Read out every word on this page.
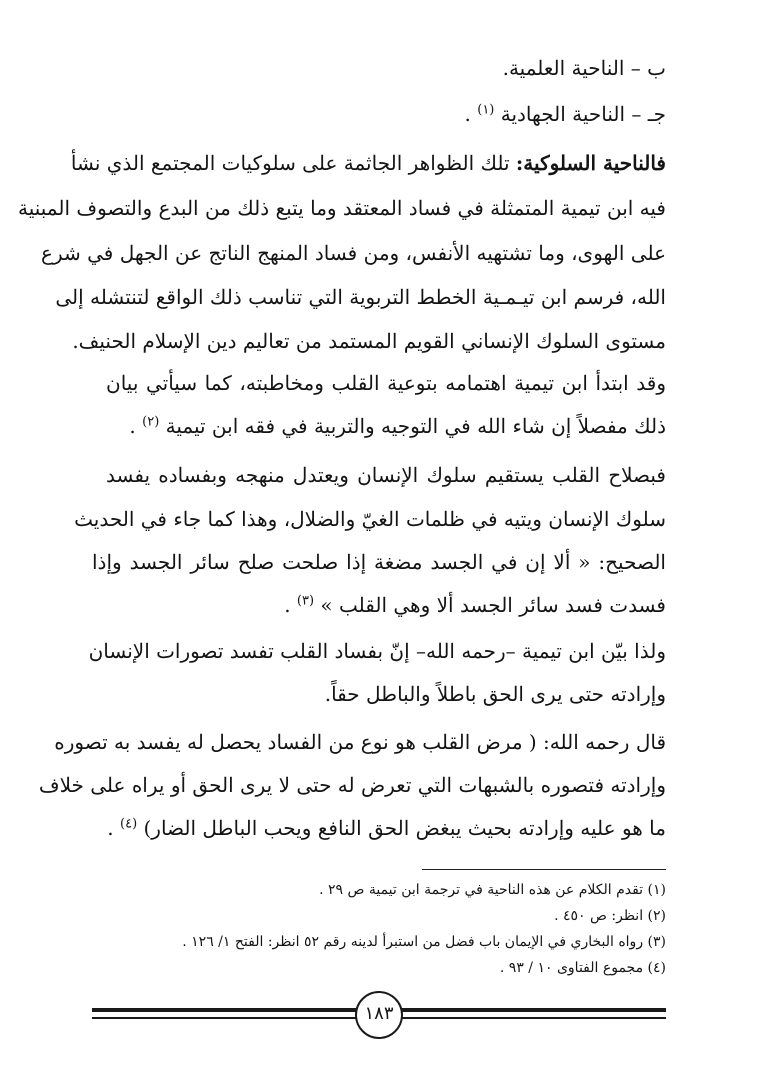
ب – الناحية العلمية.
جـ – الناحية الجهادية $^{(١)}$ .
فالناحية السلوكية: تلك الظواهر الجاثمة على سلوكيات المجتمع الذي نشأ
فيه ابن تيمية المتمثلة في فساد المعتقد وما يتبع ذلك من البدع والتصوف المبنية
على الهوى، وما تشتهيه الأنفس، ومن فساد المنهج الناتج عن الجهل في شرع
الله، فرسم ابن تيـمـية الخطط التربوية التي تناسب ذلك الواقع لتنتشله إلى
مستوى السلوك الإنساني القويم المستمد من تعاليم دين الإسلام الحنيف.
وقد ابتدأ ابن تيمية اهتمامه بتوعية القلب ومخاطبته، كما سيأتي بيان
ذلك مفصلاً إن شاء الله في التوجيه والتربية في فقه ابن تيمية $^{(٢)}$ .
فبصلاح القلب يستقيم سلوك الإنسان ويعتدل منهجه وبفساده يفسد
سلوك الإنسان ويتيه في ظلمات الغيّ والضلال، وهذا كما جاء في الحديث
الصحيح: « ألا إن في الجسد مضغة إذا صلحت صلح سائر الجسد وإذا
فسدت فسد سائر الجسد ألا وهي القلب » $^{(٣)}$ .
ولذا بيّن ابن تيمية –رحمه الله– إنّ بفساد القلب تفسد تصورات الإنسان
وإرادته حتى يرى الحق باطلاً والباطل حقاً.
قال رحمه الله: ( مرض القلب هو نوع من الفساد يحصل له يفسد به تصوره
وإرادته فتصوره بالشبهات التي تعرض له حتى لا يرى الحق أو يراه على خلاف
ما هو عليه وإرادته بحيث يبغض الحق النافع ويحب الباطل الضار) $^{(٤)}$ .
(١) تقدم الكلام عن هذه الناحية في ترجمة ابن تيمية ص ٢٩ .
(٢) انظر: ص ٤٥٠ .
(٣) رواه البخاري في الإيمان باب فضل من استبرأ لدينه رقم ٥٢ انظر: الفتح ١/ ١٢٦ .
(٤) مجموع الفتاوى ١٠ / ٩٣ .
١٨٣
